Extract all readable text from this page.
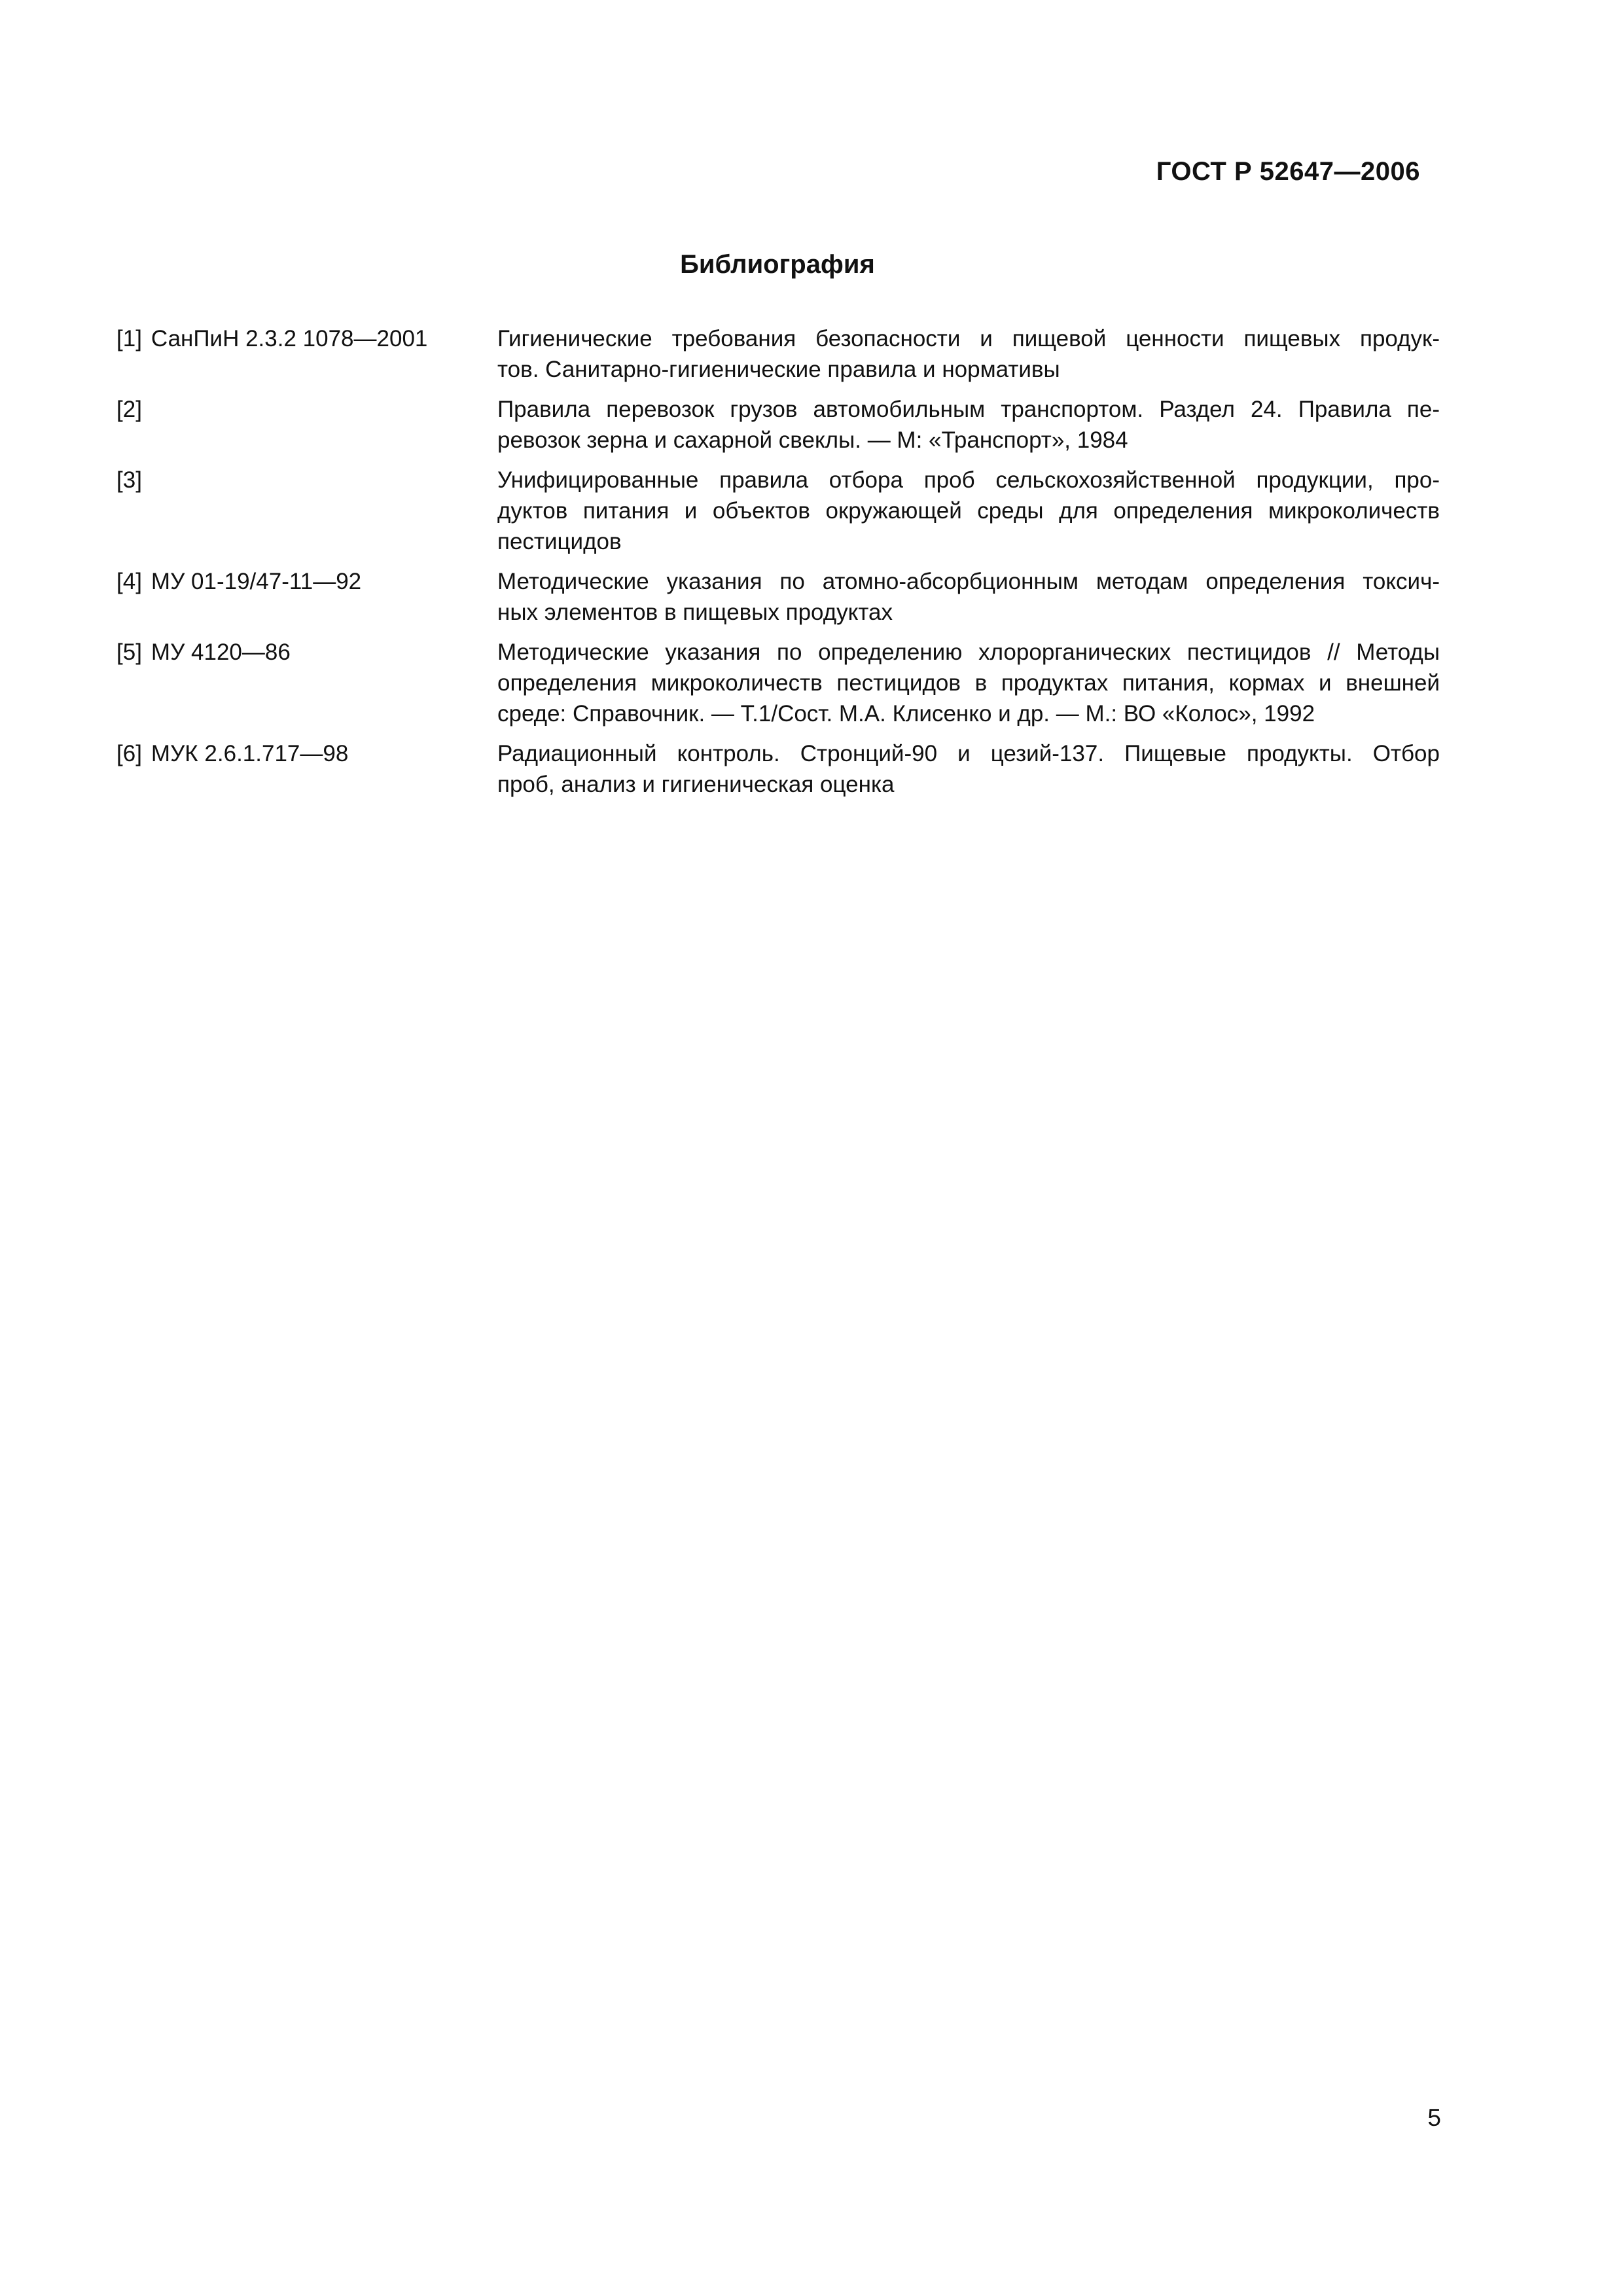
ГОСТ Р 52647—2006
Библиография
[1] СанПиН 2.3.2 1078—2001	Гигиенические требования безопасности и пищевой ценности пищевых продук-
тов. Санитарно-гигиенические правила и нормативы
[2]	Правила перевозок грузов автомобильным транспортом. Раздел 24. Правила пе-
ревозок зерна и сахарной свеклы. — М: «Транспорт», 1984
[3]	Унифицированные правила отбора проб сельскохозяйственной продукции, про-
дуктов питания и объектов окружающей среды для определения микроколичеств
пестицидов
[4] МУ 01-19/47-11—92	Методические указания по атомно-абсорбционным методам определения токсич-
ных элементов в пищевых продуктах
[5] МУ 4120—86	Методические указания по определению хлорорганических пестицидов // Методы
определения микроколичеств пестицидов в продуктах питания, кормах и внешней
среде: Справочник. — Т.1/Сост. М.А. Клисенко и др. — М.: ВО «Колос», 1992
[6] МУК 2.6.1.717—98	Радиационный контроль. Стронций-90 и цезий-137. Пищевые продукты. Отбор
проб, анализ и гигиеническая оценка
5
